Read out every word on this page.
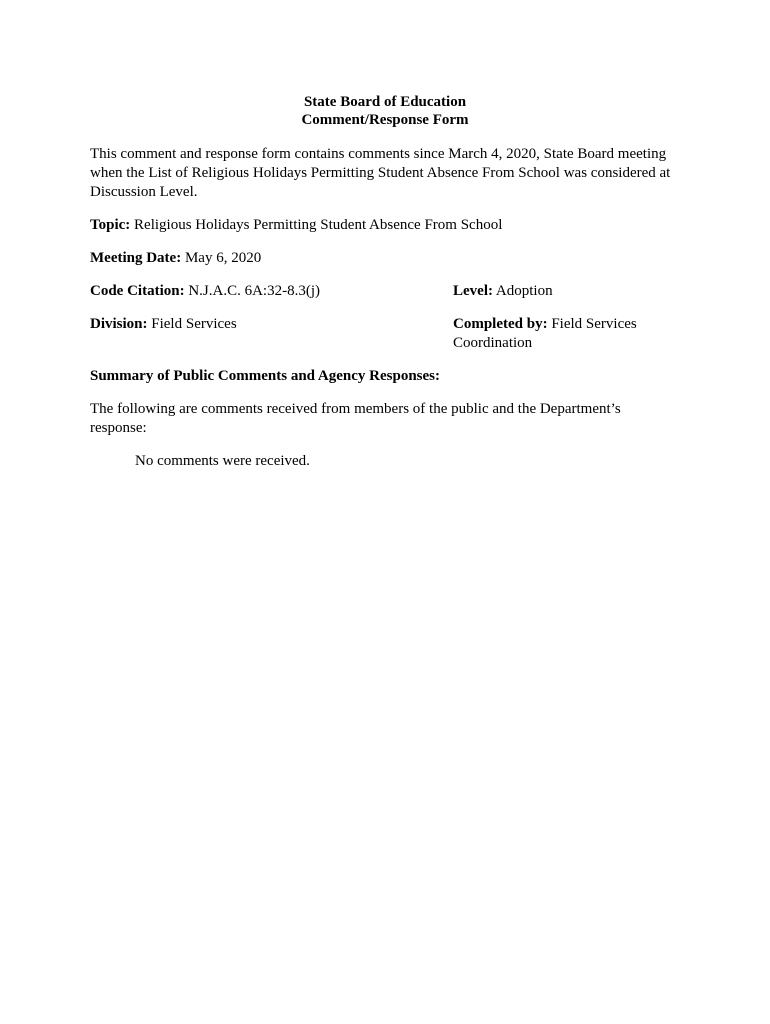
State Board of Education
Comment/Response Form

This comment and response form contains comments since March 4, 2020, State Board meeting when the List of Religious Holidays Permitting Student Absence From School was considered at Discussion Level.

Topic: Religious Holidays Permitting Student Absence From School

Meeting Date: May 6, 2020

Code Citation: N.J.A.C. 6A:32-8.3(j)	Level: Adoption
Division: Field Services	Completed by: Field Services Coordination

Summary of Public Comments and Agency Responses:

The following are comments received from members of the public and the Department’s response:

No comments were received.
